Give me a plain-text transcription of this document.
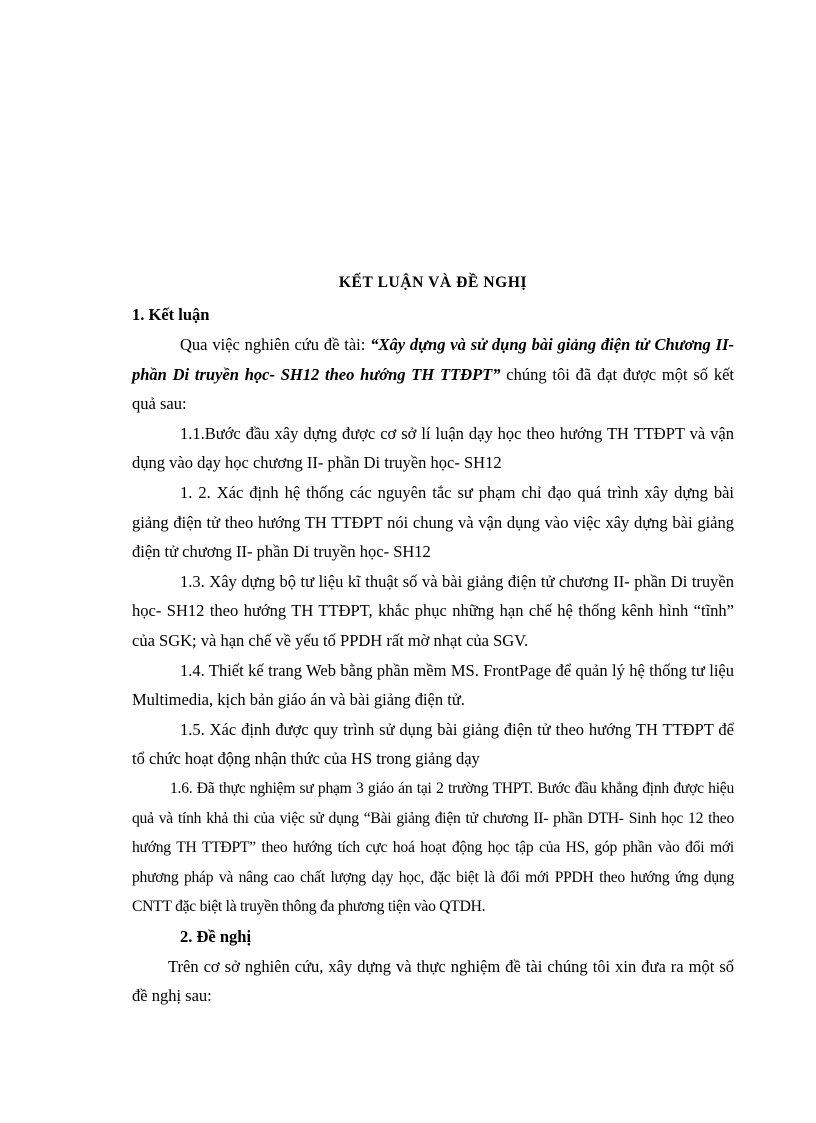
KẾT LUẬN VÀ ĐỀ NGHỊ
1. Kết luận

Qua việc nghiên cứu đề tài: “Xây dựng và sử dụng bài giảng điện tử Chương II- phần Di truyền học- SH12 theo hướng TH TTĐPT” chúng tôi đã đạt được một số kết quả sau:

1.1.Bước đầu xây dựng được cơ sở lí luận dạy học theo hướng TH TTĐPT và vận dụng vào dạy học chương II- phần Di truyền học- SH12

1. 2. Xác định hệ thống các nguyên tắc sư phạm chỉ đạo quá trình xây dựng bài giảng điện tử theo hướng TH TTĐPT nói chung và vận dụng vào việc xây dựng bài giảng điện tử chương II- phần Di truyền học- SH12

1.3. Xây dựng bộ tư liệu kĩ thuật số và bài giảng điện tử chương II- phần Di truyền học- SH12 theo hướng TH TTĐPT, khắc phục những hạn chế hệ thống kênh hình “tĩnh” của SGK; và hạn chế về yếu tố PPDH rất mờ nhạt của SGV.

1.4. Thiết kế trang Web bằng phần mềm MS. FrontPage để quản lý hệ thống tư liệu Multimedia, kịch bản giáo án và bài giảng điện tử.

1.5. Xác định được quy trình sử dụng bài giảng điện tử theo hướng TH TTĐPT để tổ chức hoạt động nhận thức của HS trong giảng dạy

1.6. Đã thực nghiệm sư phạm 3 giáo án tại 2 trường THPT. Bước đầu khẳng định được hiệu quả và tính khả thi của việc sử dụng “Bài giảng điện tử chương II- phần DTH- Sinh học 12 theo hướng TH TTĐPT” theo hướng tích cực hoá hoạt động học tập của HS, góp phần vào đổi mới phương pháp và nâng cao chất lượng dạy học, đặc biệt là đổi mới PPDH theo hướng ứng dụng CNTT đặc biệt là truyền thông đa phương tiện vào QTDH.

2. Đề nghị

Trên cơ sở nghiên cứu, xây dựng và thực nghiệm đề tài chúng tôi xin đưa ra một số đề nghị sau:
